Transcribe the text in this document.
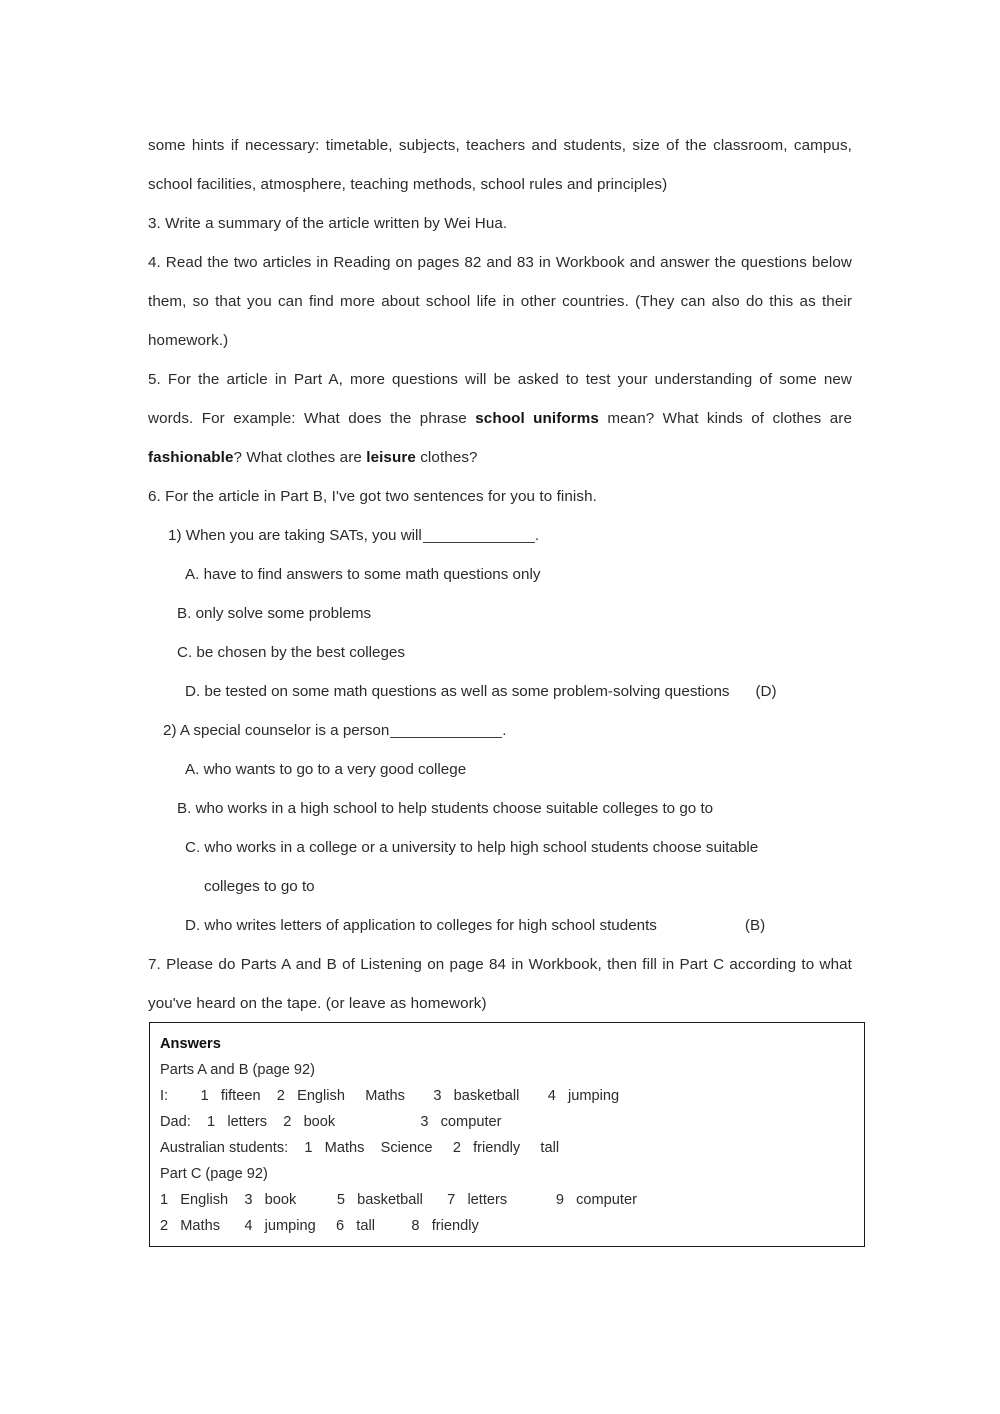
some hints if necessary: timetable, subjects, teachers and students, size of the classroom, campus, school facilities, atmosphere, teaching methods, school rules and principles)

3. Write a summary of the article written by Wei Hua.

4. Read the two articles in Reading on pages 82 and 83 in Workbook and answer the questions below them, so that you can find more about school life in other countries. (They can also do this as their homework.)

5. For the article in Part A, more questions will be asked to test your understanding of some new words. For example: What does the phrase school uniforms mean? What kinds of clothes are fashionable? What clothes are leisure clothes?

6. For the article in Part B, I've got two sentences for you to finish.

1) When you are taking SATs, you will	.

A. have to find answers to some math questions only

B. only solve some problems

C. be chosen by the best colleges

D. be tested on some math questions as well as some problem-solving questions (D)

2) A special counselor is a person	.

A. who wants to go to a very good college

B. who works in a high school to help students choose suitable colleges to go to

C. who works in a college or a university to help high school students choose suitable

colleges to go to

D. who writes letters of application to colleges for high school students	(B)

7. Please do Parts A and B of Listening on page 84 in Workbook, then fill in Part C according to what you've heard on the tape. (or leave as homework)

Answers

Parts A and B (page 92)

I:        1   fifteen    2   English     Maths       3   basketball       4   jumping

Dad:    1   letters    2   book                     3   computer

Australian students:    1   Maths    Science     2   friendly     tall

Part C (page 92)

1   English    3   book          5   basketball      7   letters            9   computer

2   Maths      4   jumping     6   tall         8   friendly
